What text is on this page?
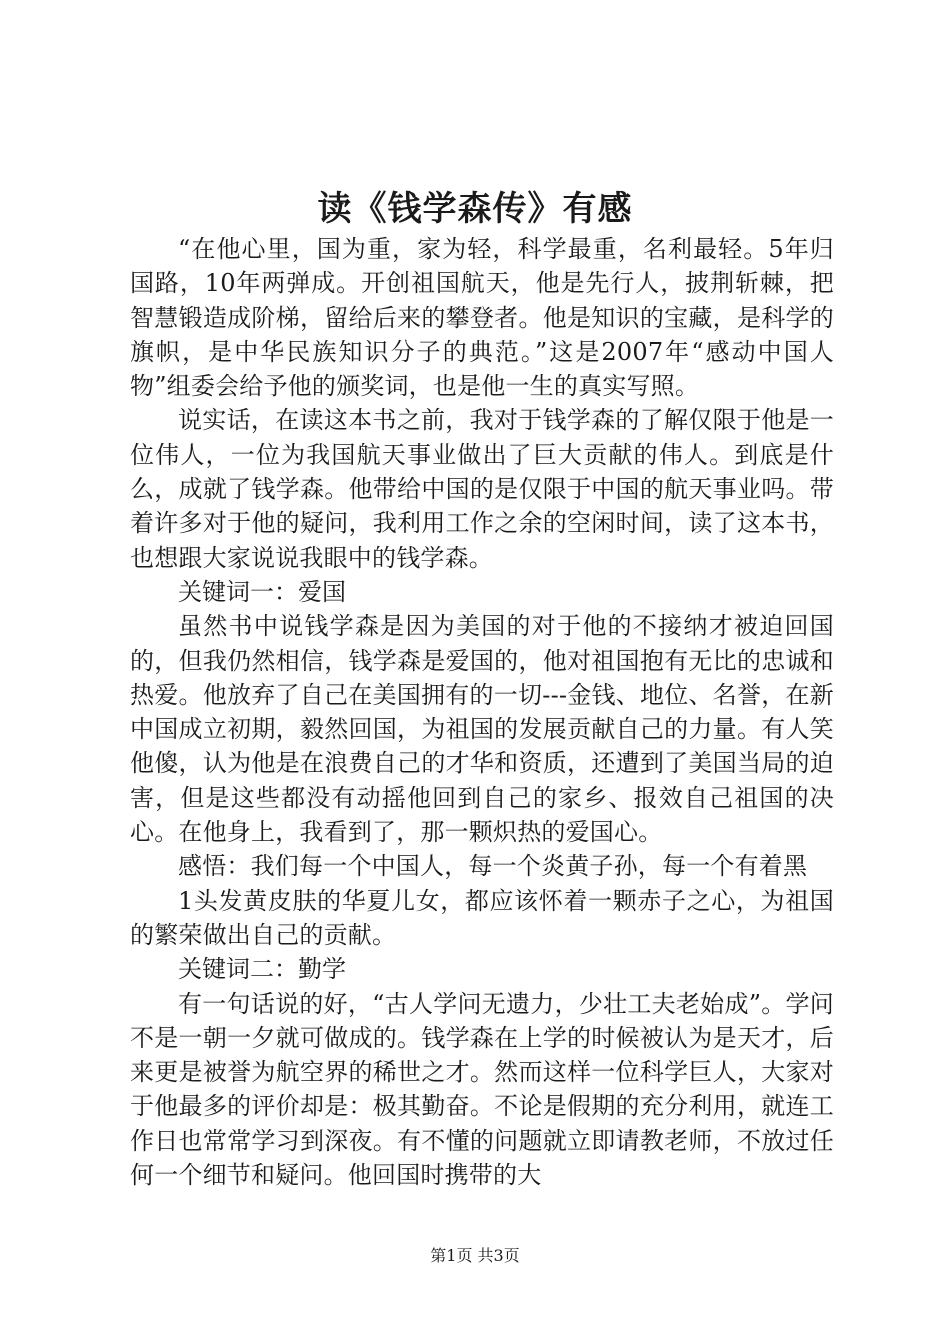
读《钱学森传》有感

“在他心里，国为重，家为轻，科学最重，名利最轻。5年归国路，10年两弹成。开创祖国航天，他是先行人，披荆斩棘，把智慧锻造成阶梯，留给后来的攀登者。他是知识的宝藏，是科学的旗帜，是中华民族知识分子的典范。”这是2007年“感动中国人物”组委会给予他的颁奖词，也是他一生的真实写照。

说实话，在读这本书之前，我对于钱学森的了解仅限于他是一位伟人，一位为我国航天事业做出了巨大贡献的伟人。到底是什么，成就了钱学森。他带给中国的是仅限于中国的航天事业吗。带着许多对于他的疑问，我利用工作之余的空闲时间，读了这本书，也想跟大家说说我眼中的钱学森。

关键词一：爱国

虽然书中说钱学森是因为美国的对于他的不接纳才被迫回国的，但我仍然相信，钱学森是爱国的，他对祖国抱有无比的忠诚和热爱。他放弃了自己在美国拥有的一切---金钱、地位、名誉，在新中国成立初期，毅然回国，为祖国的发展贡献自己的力量。有人笑他傻，认为他是在浪费自己的才华和资质，还遭到了美国当局的迫害，但是这些都没有动摇他回到自己的家乡、报效自己祖国的决心。在他身上，我看到了，那一颗炽热的爱国心。

感悟：我们每一个中国人，每一个炎黄子孙，每一个有着黑

1头发黄皮肤的华夏儿女，都应该怀着一颗赤子之心，为祖国的繁荣做出自己的贡献。

关键词二：勤学

有一句话说的好，“古人学问无遗力，少壮工夫老始成”。学问不是一朝一夕就可做成的。钱学森在上学的时候被认为是天才，后来更是被誉为航空界的稀世之才。然而这样一位科学巨人，大家对于他最多的评价却是：极其勤奋。不论是假期的充分利用，就连工作日也常常学习到深夜。有不懂的问题就立即请教老师，不放过任何一个细节和疑问。他回国时携带的大

第1页 共3页
